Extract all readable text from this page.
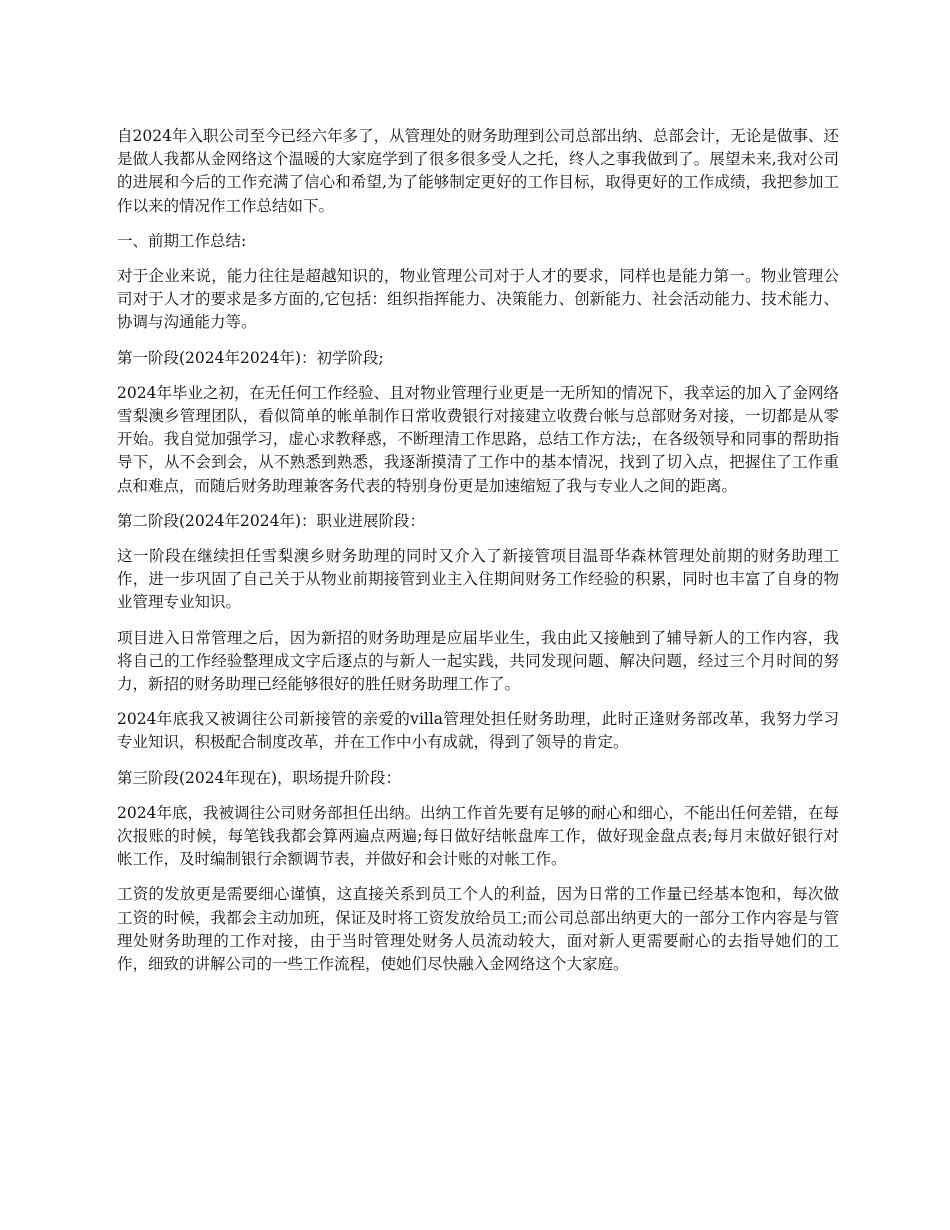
自2024年入职公司至今已经六年多了，从管理处的财务助理到公司总部出纳、总部会计，无论是做事、还是做人我都从金网络这个温暖的大家庭学到了很多很多受人之托，终人之事我做到了。展望未来,我对公司的进展和今后的工作充满了信心和希望,为了能够制定更好的工作目标，取得更好的工作成绩，我把参加工作以来的情况作工作总结如下。

一、前期工作总结:

对于企业来说，能力往往是超越知识的，物业管理公司对于人才的要求，同样也是能力第一。物业管理公司对于人才的要求是多方面的,它包括：组织指挥能力、决策能力、创新能力、社会活动能力、技术能力、协调与沟通能力等。

第一阶段(2024年2024年)：初学阶段;

2024年毕业之初，在无任何工作经验、且对物业管理行业更是一无所知的情况下，我幸运的加入了金网络雪梨澳乡管理团队，看似简单的帐单制作日常收费银行对接建立收费台帐与总部财务对接，一切都是从零开始。我自觉加强学习，虚心求教释惑，不断理清工作思路，总结工作方法;，在各级领导和同事的帮助指导下，从不会到会，从不熟悉到熟悉，我逐渐摸清了工作中的基本情况，找到了切入点，把握住了工作重点和难点，而随后财务助理兼客务代表的特别身份更是加速缩短了我与专业人之间的距离。

第二阶段(2024年2024年)：职业进展阶段：

这一阶段在继续担任雪梨澳乡财务助理的同时又介入了新接管项目温哥华森林管理处前期的财务助理工作，进一步巩固了自己关于从物业前期接管到业主入住期间财务工作经验的积累，同时也丰富了自身的物业管理专业知识。

项目进入日常管理之后，因为新招的财务助理是应届毕业生，我由此又接触到了辅导新人的工作内容，我将自己的工作经验整理成文字后逐点的与新人一起实践，共同发现问题、解决问题，经过三个月时间的努力，新招的财务助理已经能够很好的胜任财务助理工作了。

2024年底我又被调往公司新接管的亲爱的villa管理处担任财务助理，此时正逢财务部改革，我努力学习专业知识，积极配合制度改革，并在工作中小有成就，得到了领导的肯定。

第三阶段(2024年现在)，职场提升阶段：

2024年底，我被调往公司财务部担任出纳。出纳工作首先要有足够的耐心和细心，不能出任何差错，在每次报账的时候，每笔钱我都会算两遍点两遍;每日做好结帐盘库工作，做好现金盘点表;每月末做好银行对帐工作，及时编制银行余额调节表，并做好和会计账的对帐工作。

工资的发放更是需要细心谨慎，这直接关系到员工个人的利益，因为日常的工作量已经基本饱和，每次做工资的时候，我都会主动加班，保证及时将工资发放给员工;而公司总部出纳更大的一部分工作内容是与管理处财务助理的工作对接，由于当时管理处财务人员流动较大，面对新人更需要耐心的去指导她们的工作，细致的讲解公司的一些工作流程，使她们尽快融入金网络这个大家庭。
